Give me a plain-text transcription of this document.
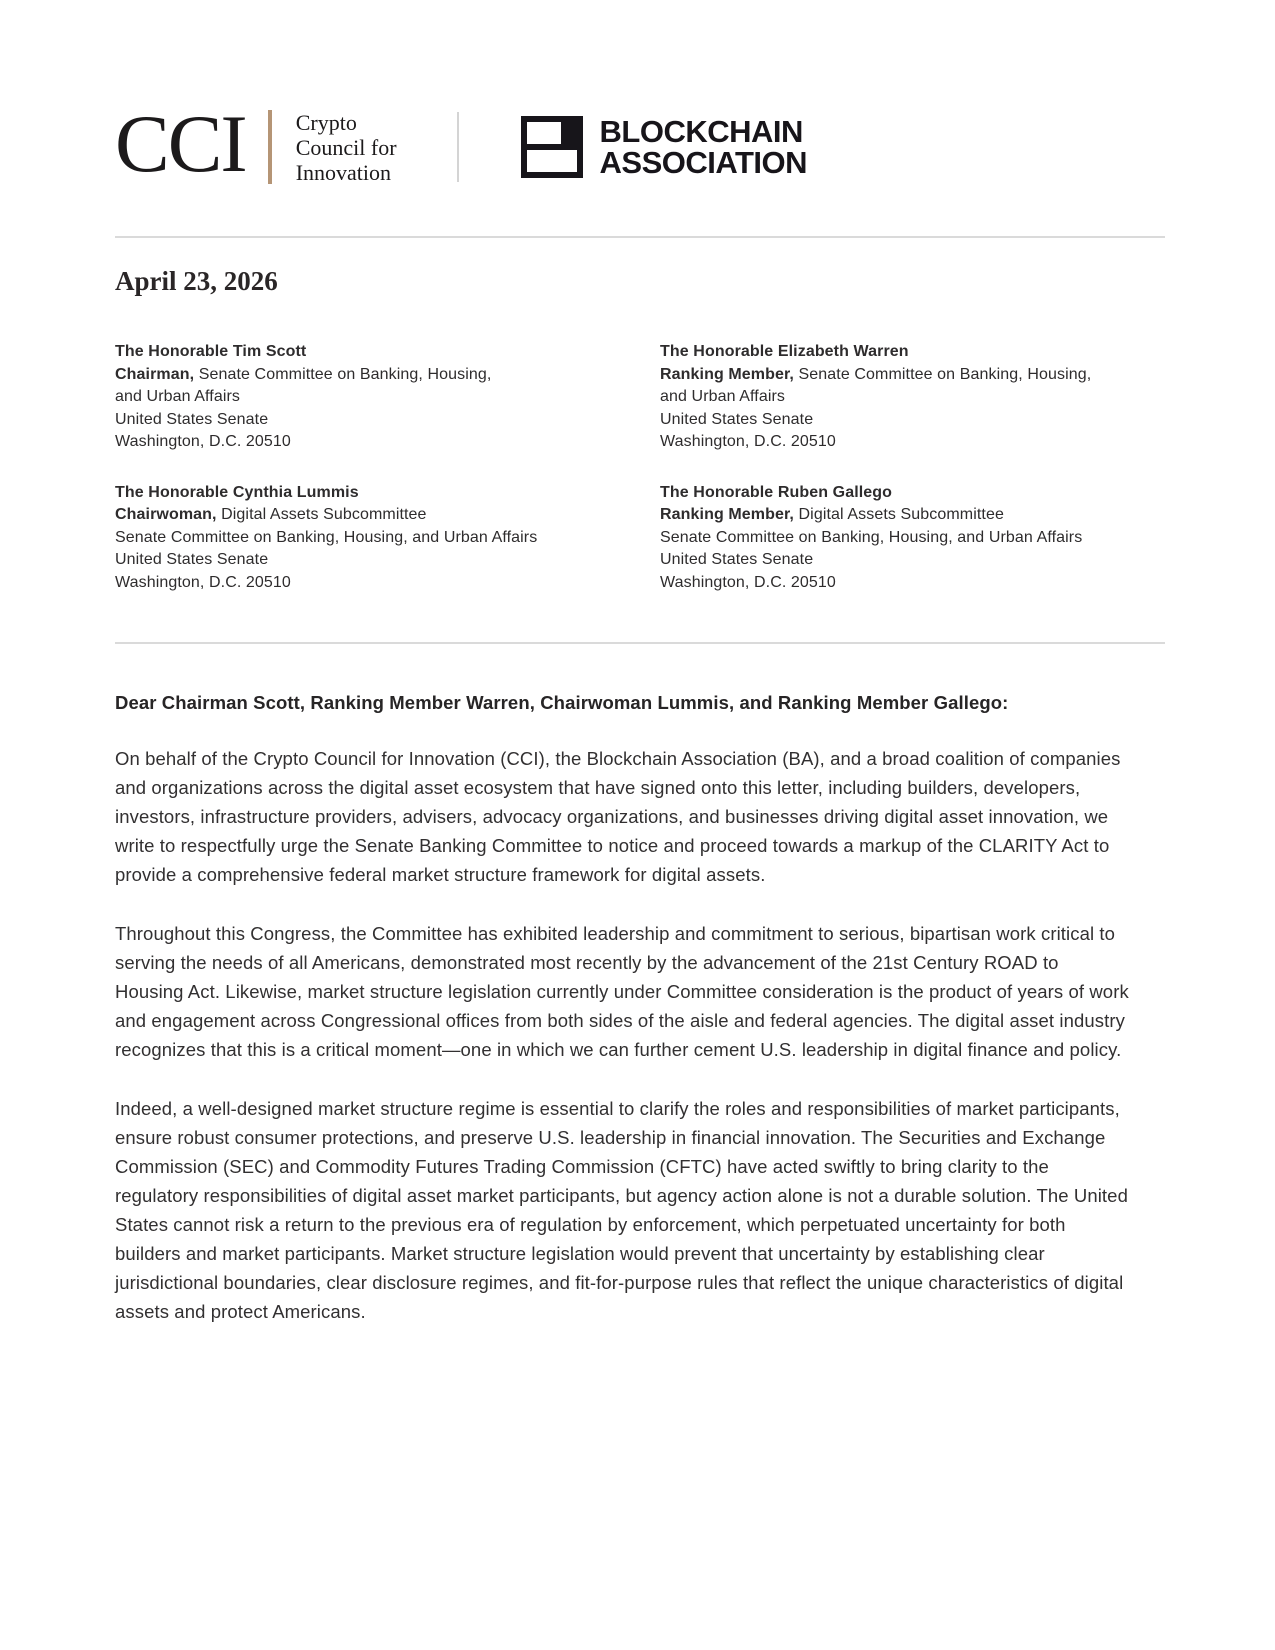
CCI Crypto
Council for
Innovation
BLOCKCHAIN
ASSOCIATION
April 23, 2026
The Honorable Tim Scott
Chairman, Senate Committee on Banking, Housing,
and Urban Affairs
United States Senate
Washington, D.C. 20510
The Honorable Elizabeth Warren
Ranking Member, Senate Committee on Banking, Housing,
and Urban Affairs
United States Senate
Washington, D.C. 20510
The Honorable Cynthia Lummis
Chairwoman, Digital Assets Subcommittee
Senate Committee on Banking, Housing, and Urban Affairs
United States Senate
Washington, D.C. 20510
The Honorable Ruben Gallego
Ranking Member, Digital Assets Subcommittee
Senate Committee on Banking, Housing, and Urban Affairs
United States Senate
Washington, D.C. 20510
Dear Chairman Scott, Ranking Member Warren, Chairwoman Lummis, and Ranking Member Gallego:

On behalf of the Crypto Council for Innovation (CCI), the Blockchain Association (BA), and a broad coalition of companies and organizations across the digital asset ecosystem that have signed onto this letter, including builders, developers, investors, infrastructure providers, advisers, advocacy organizations, and businesses driving digital asset innovation, we write to respectfully urge the Senate Banking Committee to notice and proceed towards a markup of the CLARITY Act to provide a comprehensive federal market structure framework for digital assets.

Throughout this Congress, the Committee has exhibited leadership and commitment to serious, bipartisan work critical to serving the needs of all Americans, demonstrated most recently by the advancement of the 21st Century ROAD to Housing Act. Likewise, market structure legislation currently under Committee consideration is the product of years of work and engagement across Congressional offices from both sides of the aisle and federal agencies. The digital asset industry recognizes that this is a critical moment—one in which we can further cement U.S. leadership in digital finance and policy.

Indeed, a well-designed market structure regime is essential to clarify the roles and responsibilities of market participants, ensure robust consumer protections, and preserve U.S. leadership in financial innovation. The Securities and Exchange Commission (SEC) and Commodity Futures Trading Commission (CFTC) have acted swiftly to bring clarity to the regulatory responsibilities of digital asset market participants, but agency action alone is not a durable solution. The United States cannot risk a return to the previous era of regulation by enforcement, which perpetuated uncertainty for both builders and market participants. Market structure legislation would prevent that uncertainty by establishing clear jurisdictional boundaries, clear disclosure regimes, and fit-for-purpose rules that reflect the unique characteristics of digital assets and protect Americans.
